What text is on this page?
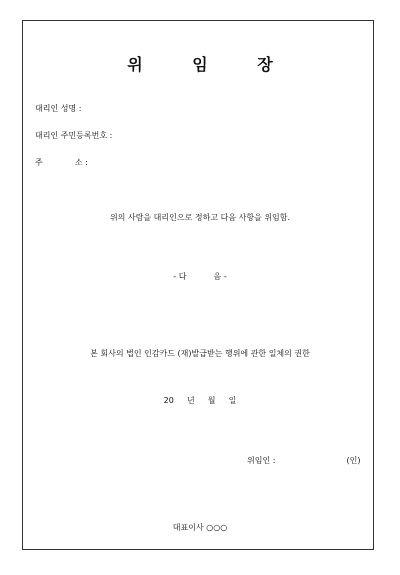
위 임 장
대리인 성명 :
대리인 주민등록번호 :
주	소 :
위의 사람을 대리인으로 정하고 다음 사항을 위임함.
- 다	음 -
본 회사의 법인 인감카드 (재)발급받는 행위에 관한 일체의 권한
20 년 월 일
위임인 :	(인)
대표이사 ○○○
